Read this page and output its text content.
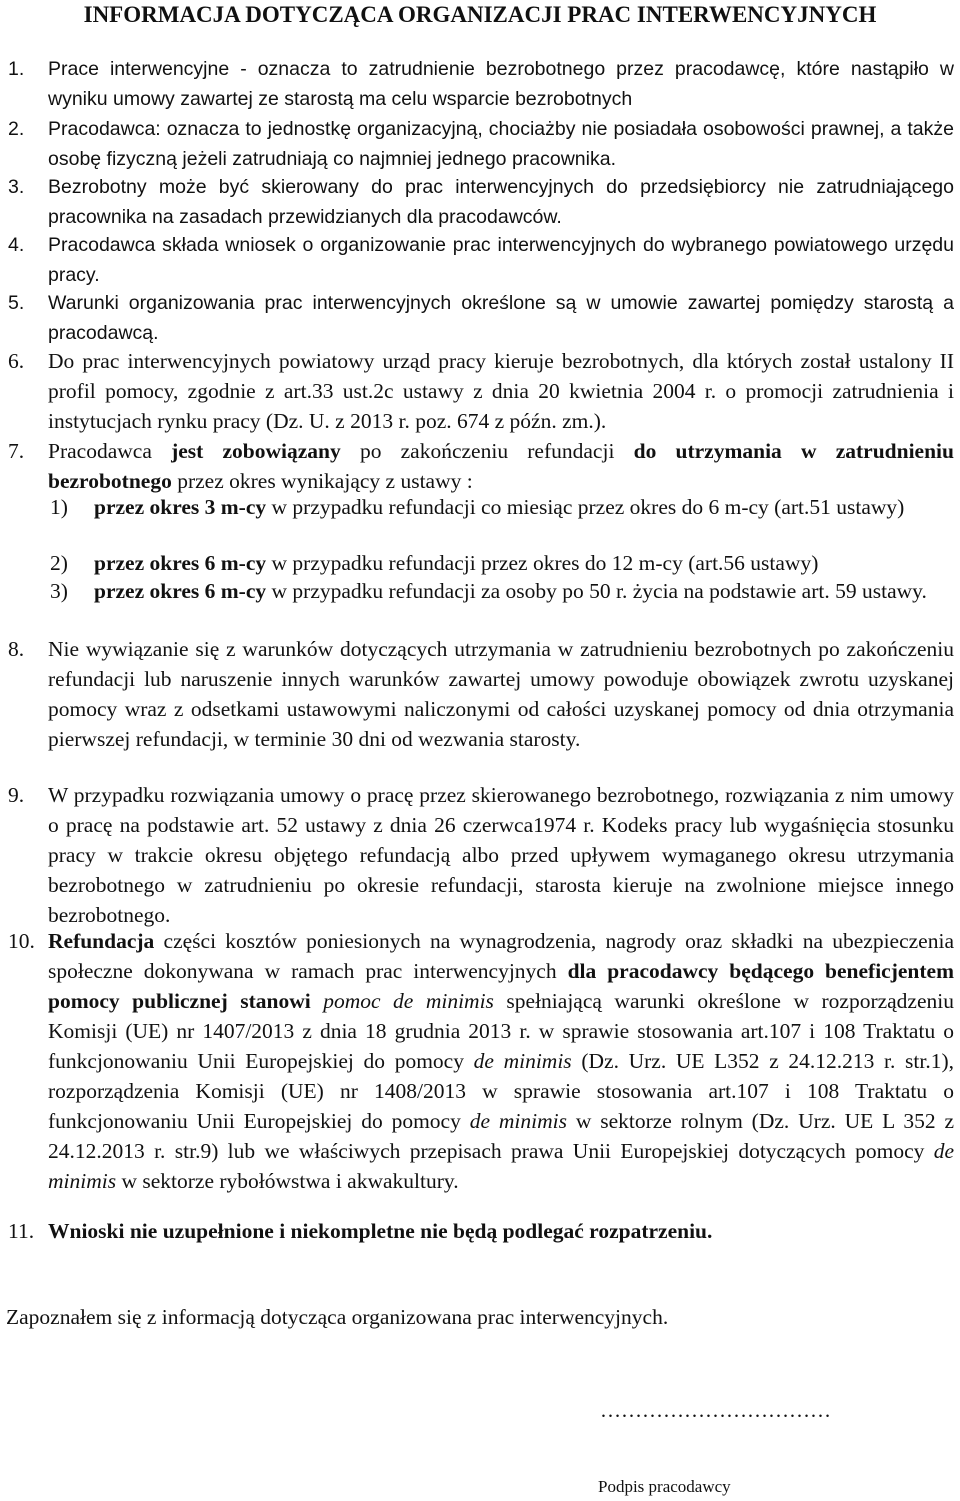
INFORMACJA DOTYCZĄCA ORGANIZACJI PRAC INTERWENCYJNYCH
1. Prace interwencyjne - oznacza to zatrudnienie bezrobotnego przez pracodawcę, które nastąpiło w wyniku umowy zawartej ze starostą ma celu wsparcie bezrobotnych
2. Pracodawca: oznacza to jednostkę organizacyjną, chociażby nie posiadała osobowości prawnej, a także osobę fizyczną jeżeli zatrudniają co najmniej jednego pracownika.
3. Bezrobotny może być skierowany do prac interwencyjnych do przedsiębiorcy nie zatrudniającego pracownika na zasadach przewidzianych dla pracodawców.
4. Pracodawca składa wniosek o organizowanie prac interwencyjnych do wybranego powiatowego urzędu pracy.
5. Warunki organizowania prac interwencyjnych określone są w umowie zawartej pomiędzy starostą a pracodawcą.
6. Do prac interwencyjnych powiatowy urząd pracy kieruje bezrobotnych, dla których został ustalony II profil pomocy, zgodnie z art.33 ust.2c ustawy z dnia 20 kwietnia 2004 r. o promocji zatrudnienia i instytucjach rynku pracy (Dz. U. z 2013 r. poz. 674 z późn. zm.).
7. Pracodawca jest zobowiązany po zakończeniu refundacji do utrzymania w zatrudnieniu bezrobotnego przez okres wynikający z ustawy :
1) przez okres 3 m-cy w przypadku refundacji co miesiąc przez okres do 6 m-cy (art.51 ustawy)
2) przez okres 6 m-cy w przypadku refundacji przez okres do 12 m-cy (art.56 ustawy)
3) przez okres 6 m-cy w przypadku refundacji za osoby po 50 r. życia na podstawie art. 59 ustawy.
8. Nie wywiązanie się z warunków dotyczących utrzymania w zatrudnieniu bezrobotnych po zakończeniu refundacji lub naruszenie innych warunków zawartej umowy powoduje obowiązek zwrotu uzyskanej pomocy wraz z odsetkami ustawowymi naliczonymi od całości uzyskanej pomocy od dnia otrzymania pierwszej refundacji, w terminie 30 dni od wezwania starosty.
9. W przypadku rozwiązania umowy o pracę przez skierowanego bezrobotnego, rozwiązania z nim umowy o pracę na podstawie art. 52 ustawy z dnia 26 czerwca1974 r. Kodeks pracy lub wygaśnięcia stosunku pracy w trakcie okresu objętego refundacją albo przed upływem wymaganego okresu utrzymania bezrobotnego w zatrudnieniu po okresie refundacji, starosta kieruje na zwolnione miejsce innego bezrobotnego.
10. Refundacja części kosztów poniesionych na wynagrodzenia, nagrody oraz składki na ubezpieczenia społeczne dokonywana w ramach prac interwencyjnych dla pracodawcy będącego beneficjentem pomocy publicznej stanowi pomoc de minimis spełniającą warunki określone w rozporządzeniu Komisji (UE) nr 1407/2013 z dnia 18 grudnia 2013 r. w sprawie stosowania art.107 i 108 Traktatu o funkcjonowaniu Unii Europejskiej do pomocy de minimis (Dz. Urz. UE L352 z 24.12.213 r. str.1), rozporządzenia Komisji (UE) nr 1408/2013 w sprawie stosowania art.107 i 108 Traktatu o funkcjonowaniu Unii Europejskiej do pomocy de minimis w sektorze rolnym (Dz. Urz. UE L 352 z 24.12.2013 r. str.9) lub we właściwych przepisach prawa Unii Europejskiej dotyczących pomocy de minimis w sektorze rybołówstwa i akwakultury.
11. Wnioski nie uzupełnione i niekompletne nie będą podlegać rozpatrzeniu.
Zapoznałem się z informacją dotycząca organizowana prac interwencyjnych.
……………………………
Podpis pracodawcy
